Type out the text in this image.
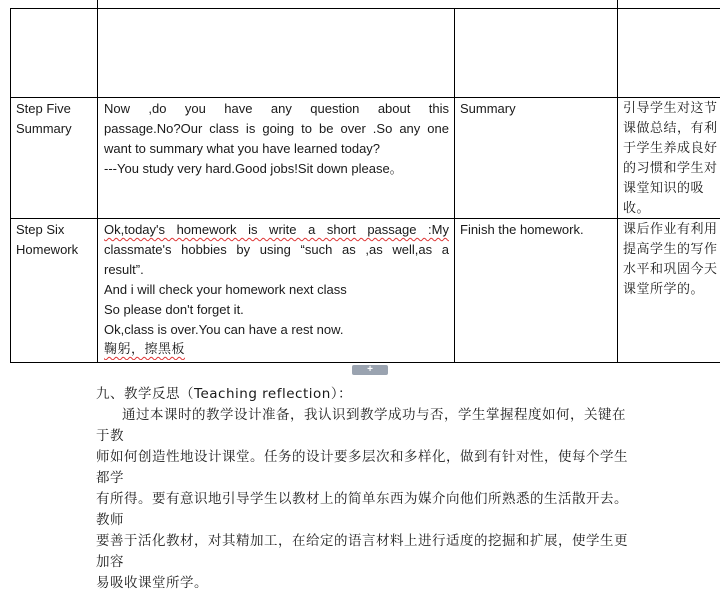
Step Five
Summary
Now ,do you have any question about this
passage.No?Our class is going to be over .So any one
want to summary what you have learned today?
---You study very hard.Good jobs!Sit down please。
Summary	引导学生对这节
课做总结，有利
于学生养成良好
的习惯和学生对
课堂知识的吸
收。
Step Six
Homework
Ok,today's homework is write a short passage :My
classmate's hobbies by using “such as ,as well,as a
result”.
And i will check your homework next class
So please don't forget it.
Ok,class is over.You can have a rest now.
鞠躬，擦黑板
Finish the homework.	课后作业有利用
提高学生的写作
水平和巩固今天
课堂所学的。
+

九、教学反思（Teaching reflection）：

通过本课时的教学设计准备，我认识到教学成功与否，学生掌握程度如何，关键在于教

师如何创造性地设计课堂。任务的设计要多层次和多样化，做到有针对性，使每个学生都学

有所得。要有意识地引导学生以教材上的简单东西为媒介向他们所熟悉的生活散开去。教师

要善于活化教材，对其精加工，在给定的语言材料上进行适度的挖掘和扩展，使学生更加容

易吸收课堂所学。
